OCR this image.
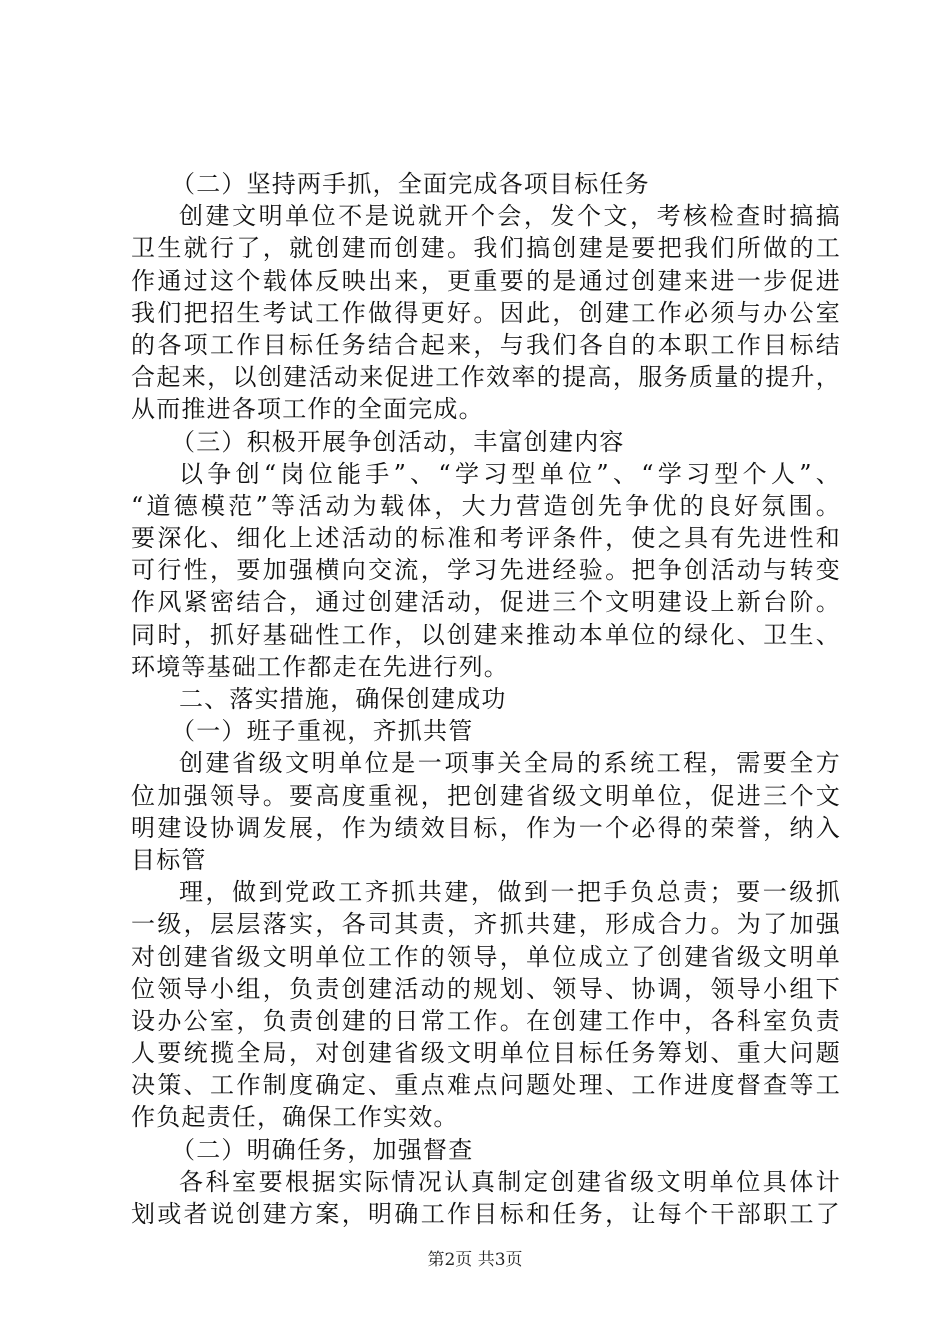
（二）坚持两手抓，全面完成各项目标任务
创建文明单位不是说就开个会，发个文，考核检查时搞搞
卫生就行了，就创建而创建。我们搞创建是要把我们所做的工
作通过这个载体反映出来，更重要的是通过创建来进一步促进
我们把招生考试工作做得更好。因此，创建工作必须与办公室
的各项工作目标任务结合起来，与我们各自的本职工作目标结
合起来，以创建活动来促进工作效率的提高，服务质量的提升，
从而推进各项工作的全面完成。
（三）积极开展争创活动，丰富创建内容
以争创“岗位能手”、“学习型单位”、“学习型个人”、
“道德模范”等活动为载体，大力营造创先争优的良好氛围。
要深化、细化上述活动的标准和考评条件，使之具有先进性和
可行性，要加强横向交流，学习先进经验。把争创活动与转变
作风紧密结合，通过创建活动，促进三个文明建设上新台阶。
同时，抓好基础性工作，以创建来推动本单位的绿化、卫生、
环境等基础工作都走在先进行列。
二、落实措施，确保创建成功
（一）班子重视，齐抓共管
创建省级文明单位是一项事关全局的系统工程，需要全方
位加强领导。要高度重视，把创建省级文明单位，促进三个文
明建设协调发展，作为绩效目标，作为一个必得的荣誉，纳入
目标管
理，做到党政工齐抓共建，做到一把手负总责；要一级抓
一级，层层落实，各司其责，齐抓共建，形成合力。为了加强
对创建省级文明单位工作的领导，单位成立了创建省级文明单
位领导小组，负责创建活动的规划、领导、协调，领导小组下
设办公室，负责创建的日常工作。在创建工作中，各科室负责
人要统揽全局，对创建省级文明单位目标任务筹划、重大问题
决策、工作制度确定、重点难点问题处理、工作进度督查等工
作负起责任，确保工作实效。
（二）明确任务，加强督查
各科室要根据实际情况认真制定创建省级文明单位具体计
划或者说创建方案，明确工作目标和任务，让每个干部职工了
第2页 共3页
